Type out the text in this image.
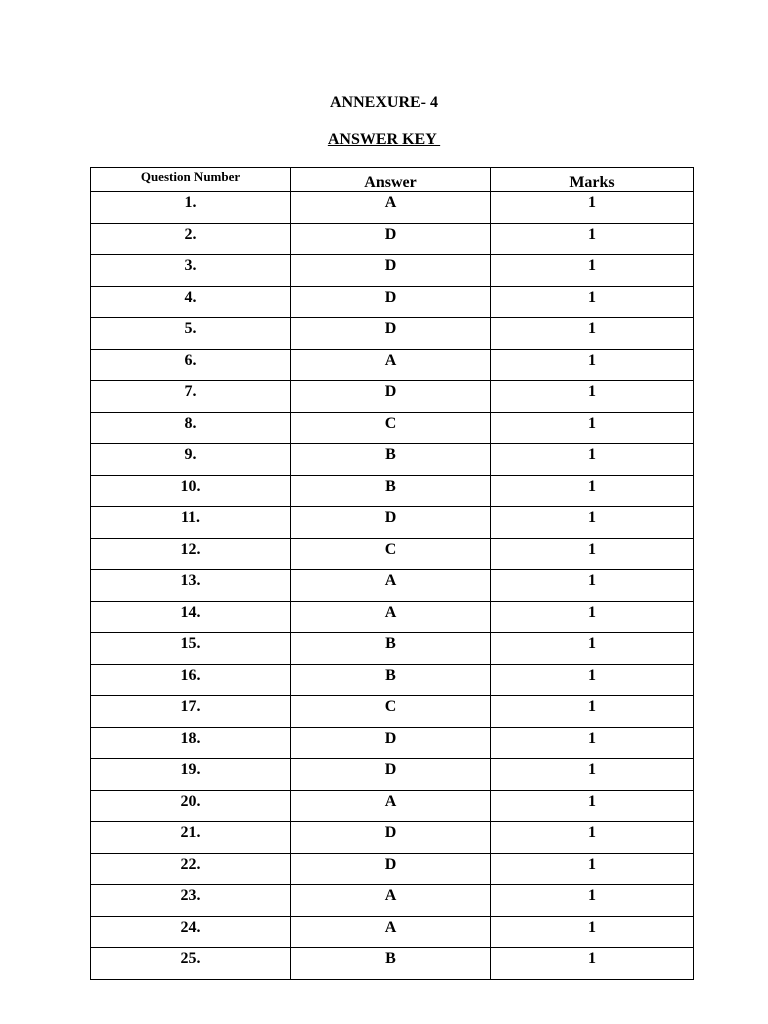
ANNEXURE- 4
ANSWER KEY
Question Number	Answer	Marks
1.	A	1
2.	D	1
3.	D	1
4.	D	1
5.	D	1
6.	A	1
7.	D	1
8.	C	1
9.	B	1
10.	B	1
11.	D	1
12.	C	1
13.	A	1
14.	A	1
15.	B	1
16.	B	1
17.	C	1
18.	D	1
19.	D	1
20.	A	1
21.	D	1
22.	D	1
23.	A	1
24.	A	1
25.	B	1
